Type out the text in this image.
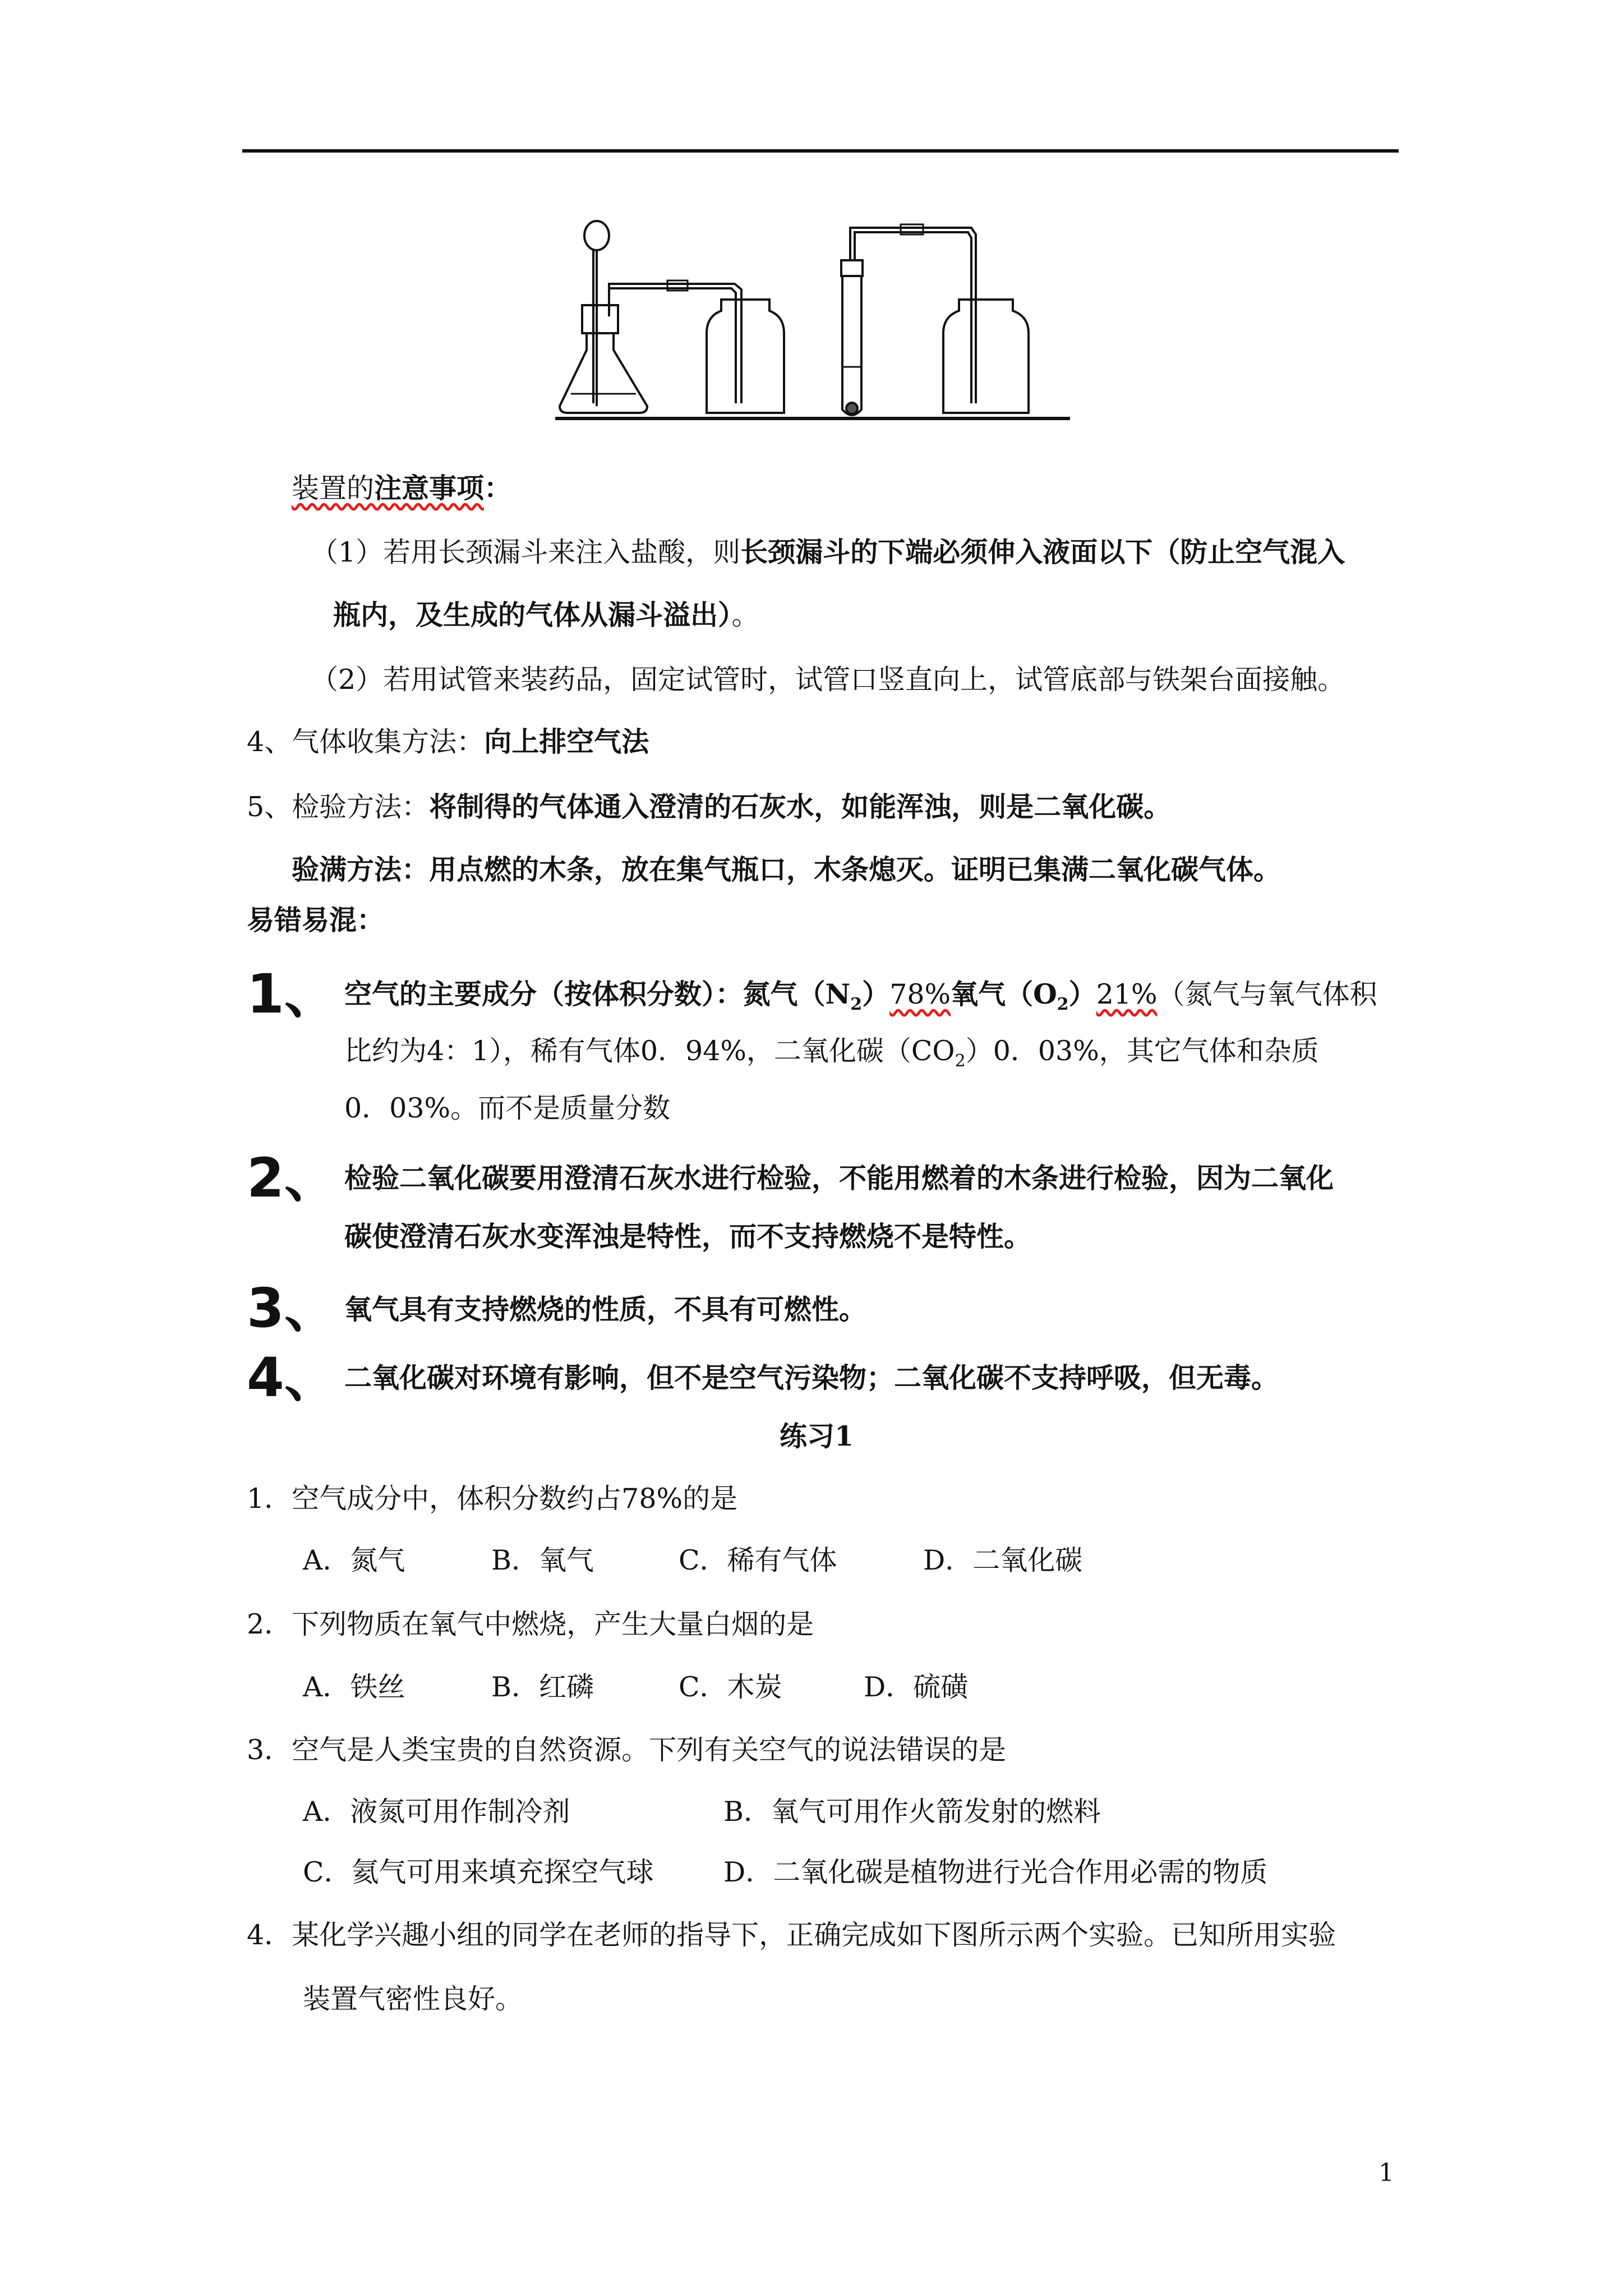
装置的注意事项：
（1）若用长颈漏斗来注入盐酸，则长颈漏斗的下端必须伸入液面以下（防止空气混入
瓶内，及生成的气体从漏斗溢出）。
（2）若用试管来装药品，固定试管时，试管口竖直向上，试管底部与铁架台面接触。
4、气体收集方法：向上排空气法
5、检验方法：将制得的气体通入澄清的石灰水，如能浑浊，则是二氧化碳。
验满方法：用点燃的木条，放在集气瓶口，木条熄灭。证明已集满二氧化碳气体。
易错易混：
1、 空气的主要成分（按体积分数）：氮气$(N_2)78\%$氧气$(O_2)21\%$（氮气与氧气体积
比约为4：1），稀有气体0．94%，二氧化碳$(CO_2)0$．03%，其它气体和杂质
0．03%。而不是质量分数
2、 检验二氧化碳要用澄清石灰水进行检验，不能用燃着的木条进行检验，因为二氧化
碳使澄清石灰水变浑浊是特性，而不支持燃烧不是特性。
3、 氧气具有支持燃烧的性质，不具有可燃性。
4、 二氧化碳对环境有影响，但不是空气污染物；二氧化碳不支持呼吸，但无毒。
练习1
1．空气成分中，体积分数约占78%的是
A．氮气	B．氧气	C．稀有气体	D．二氧化碳
2．下列物质在氧气中燃烧，产生大量白烟的是
A．铁丝	B．红磷	C．木炭	D．硫磺
3．空气是人类宝贵的自然资源。下列有关空气的说法错误的是
A．液氮可用作制冷剂	B．氧气可用作火箭发射的燃料
C．氦气可用来填充探空气球	D．二氧化碳是植物进行光合作用必需的物质
4．某化学兴趣小组的同学在老师的指导下，正确完成如下图所示两个实验。已知所用实验
装置气密性良好。
1
